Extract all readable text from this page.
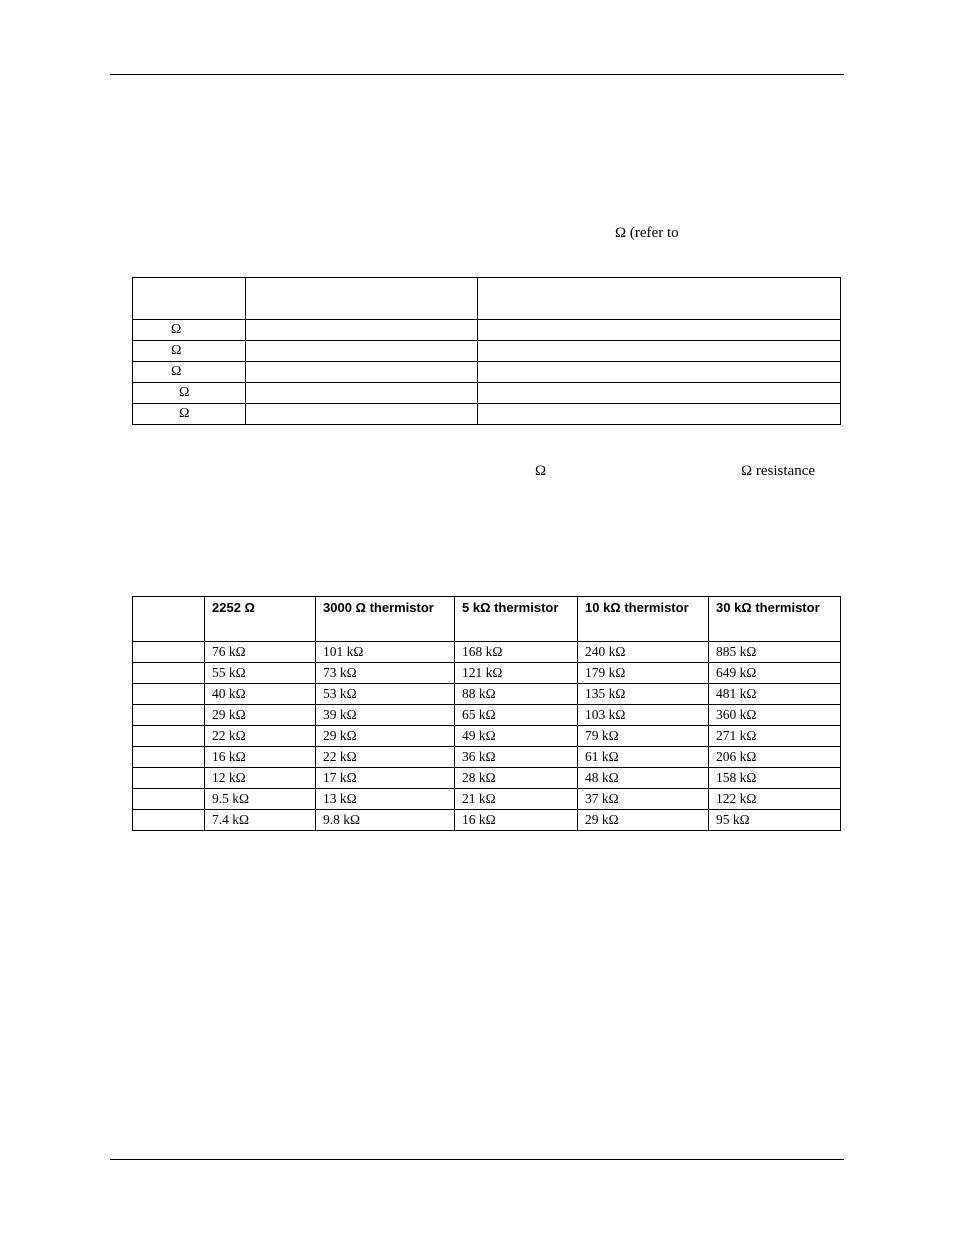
Ω (refer to

Ω		
Ω		
Ω		
Ω		
Ω		
Ω	Ω resistance
	2252 Ω	3000 Ω thermistor	5 kΩ thermistor	10 kΩ thermistor	30 kΩ thermistor
	76 kΩ	101 kΩ	168 kΩ	240 kΩ	885 kΩ
	55 kΩ	73 kΩ	121 kΩ	179 kΩ	649 kΩ
	40 kΩ	53 kΩ	88 kΩ	135 kΩ	481 kΩ
	29 kΩ	39 kΩ	65 kΩ	103 kΩ	360 kΩ
	22 kΩ	29 kΩ	49 kΩ	79 kΩ	271 kΩ
	16 kΩ	22 kΩ	36 kΩ	61 kΩ	206 kΩ
	12 kΩ	17 kΩ	28 kΩ	48 kΩ	158 kΩ
	9.5 kΩ	13 kΩ	21 kΩ	37 kΩ	122 kΩ
	7.4 kΩ	9.8 kΩ	16 kΩ	29 kΩ	95 kΩ
